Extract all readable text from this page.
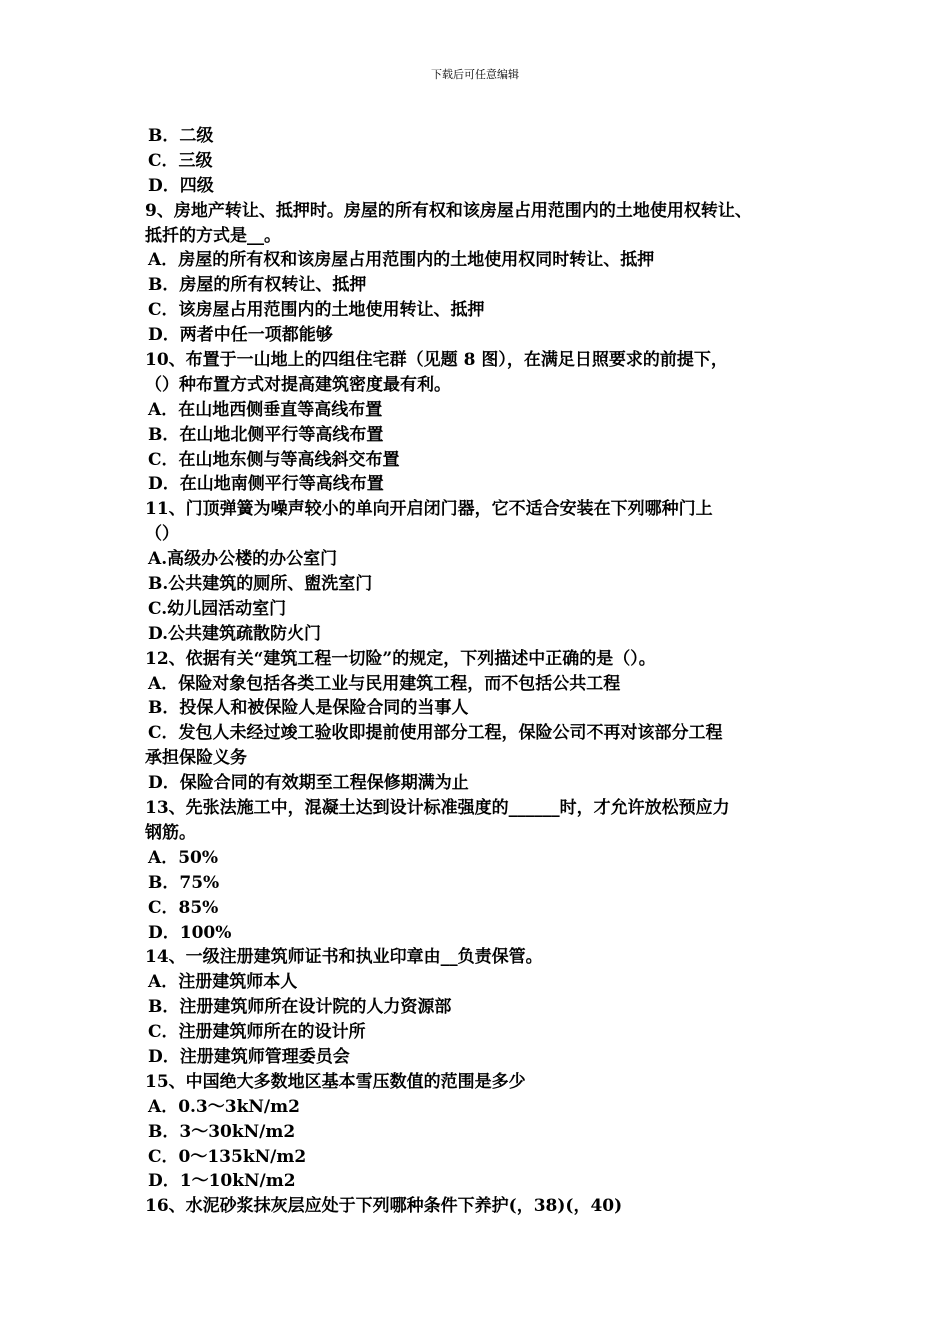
下载后可任意编辑
B．二级
C．三级
D．四级
9、房地产转让、抵押时。房屋的所有权和该房屋占用范围内的土地使用权转让、
抵扦的方式是__。
A．房屋的所有权和该房屋占用范围内的土地使用权同时转让、抵押
B．房屋的所有权转让、抵押
C．该房屋占用范围内的土地使用转让、抵押
D．两者中任一项都能够
10、布置于一山地上的四组住宅群（见题 8 图），在满足日照要求的前提下，
（）种布置方式对提高建筑密度最有利。
A．在山地西侧垂直等高线布置
B．在山地北侧平行等高线布置
C．在山地东侧与等高线斜交布置
D．在山地南侧平行等高线布置
11、门顶弹簧为噪声较小的单向开启闭门器，它不适合安装在下列哪种门上
（）
A.高级办公楼的办公室门
B.公共建筑的厕所、盥洗室门
C.幼儿园活动室门
D.公共建筑疏散防火门
12、依据有关“建筑工程一切险”的规定，下列描述中正确的是（）。
A．保险对象包括各类工业与民用建筑工程，而不包括公共工程
B．投保人和被保险人是保险合同的当事人
C．发包人未经过竣工验收即提前使用部分工程，保险公司不再对该部分工程
承担保险义务
D．保险合同的有效期至工程保修期满为止
13、先张法施工中，混凝土达到设计标准强度的______时，才允许放松预应力
钢筋。
A．50%
B．75%
C．85%
D．100%
14、一级注册建筑师证书和执业印章由__负责保管。
A．注册建筑师本人
B．注册建筑师所在设计院的人力资源部
C．注册建筑师所在的设计所
D．注册建筑师管理委员会
15、中国绝大多数地区基本雪压数值的范围是多少
A．0.3～3kN/m2
B．3～30kN/m2
C．0～135kN/m2
D．1～10kN/m2
16、水泥砂浆抹灰层应处于下列哪种条件下养护(，38)(，40)
